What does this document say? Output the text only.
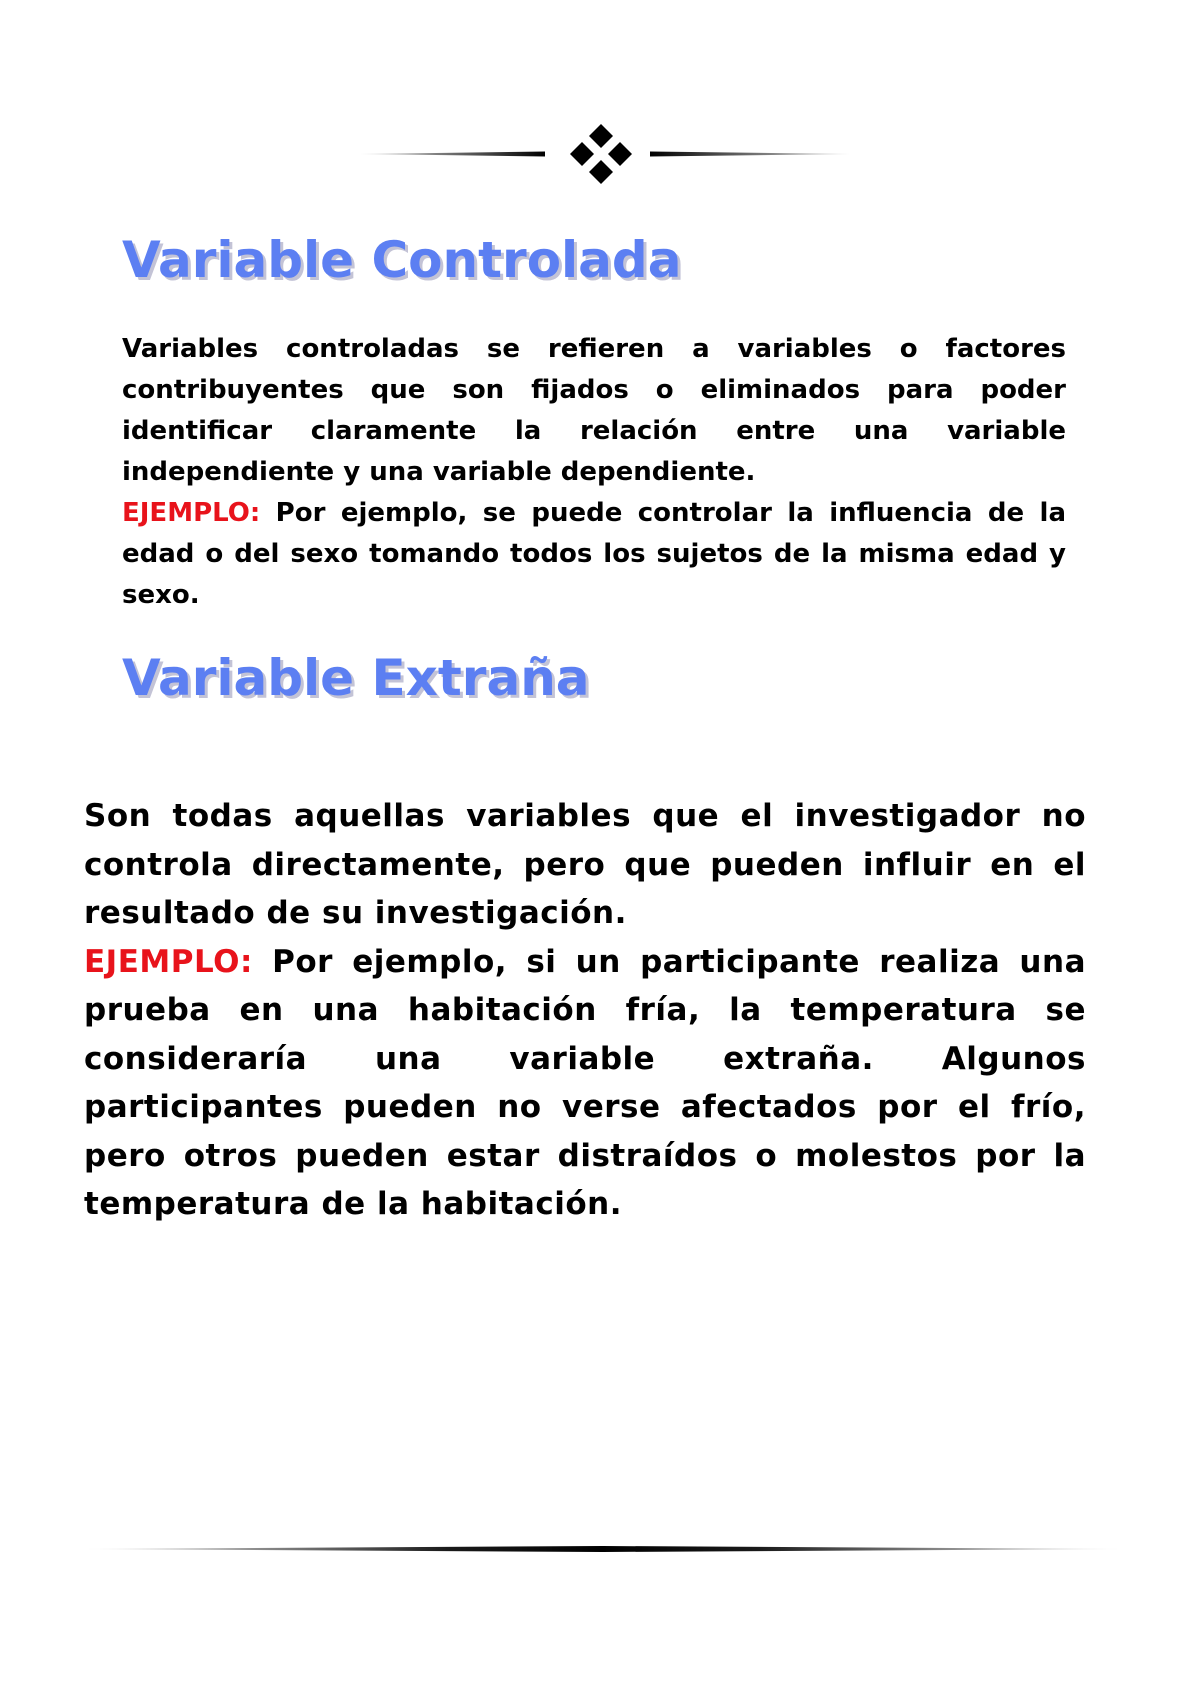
Variable Controlada

Variables controladas se refieren a variables o factores contribuyentes que son fijados o eliminados para poder identificar claramente la relación entre una variable independiente y una variable dependiente.

EJEMPLO: Por ejemplo, se puede controlar la influencia de la edad o del sexo tomando todos los sujetos de la misma edad y sexo.

Variable Extraña

Son todas aquellas variables que el investigador no controla directamente, pero que pueden influir en el resultado de su investigación.

EJEMPLO: Por ejemplo, si un participante realiza una prueba en una habitación fría, la temperatura se consideraría una variable extraña. Algunos participantes pueden no verse afectados por el frío, pero otros pueden estar distraídos o molestos por la temperatura de la habitación.
